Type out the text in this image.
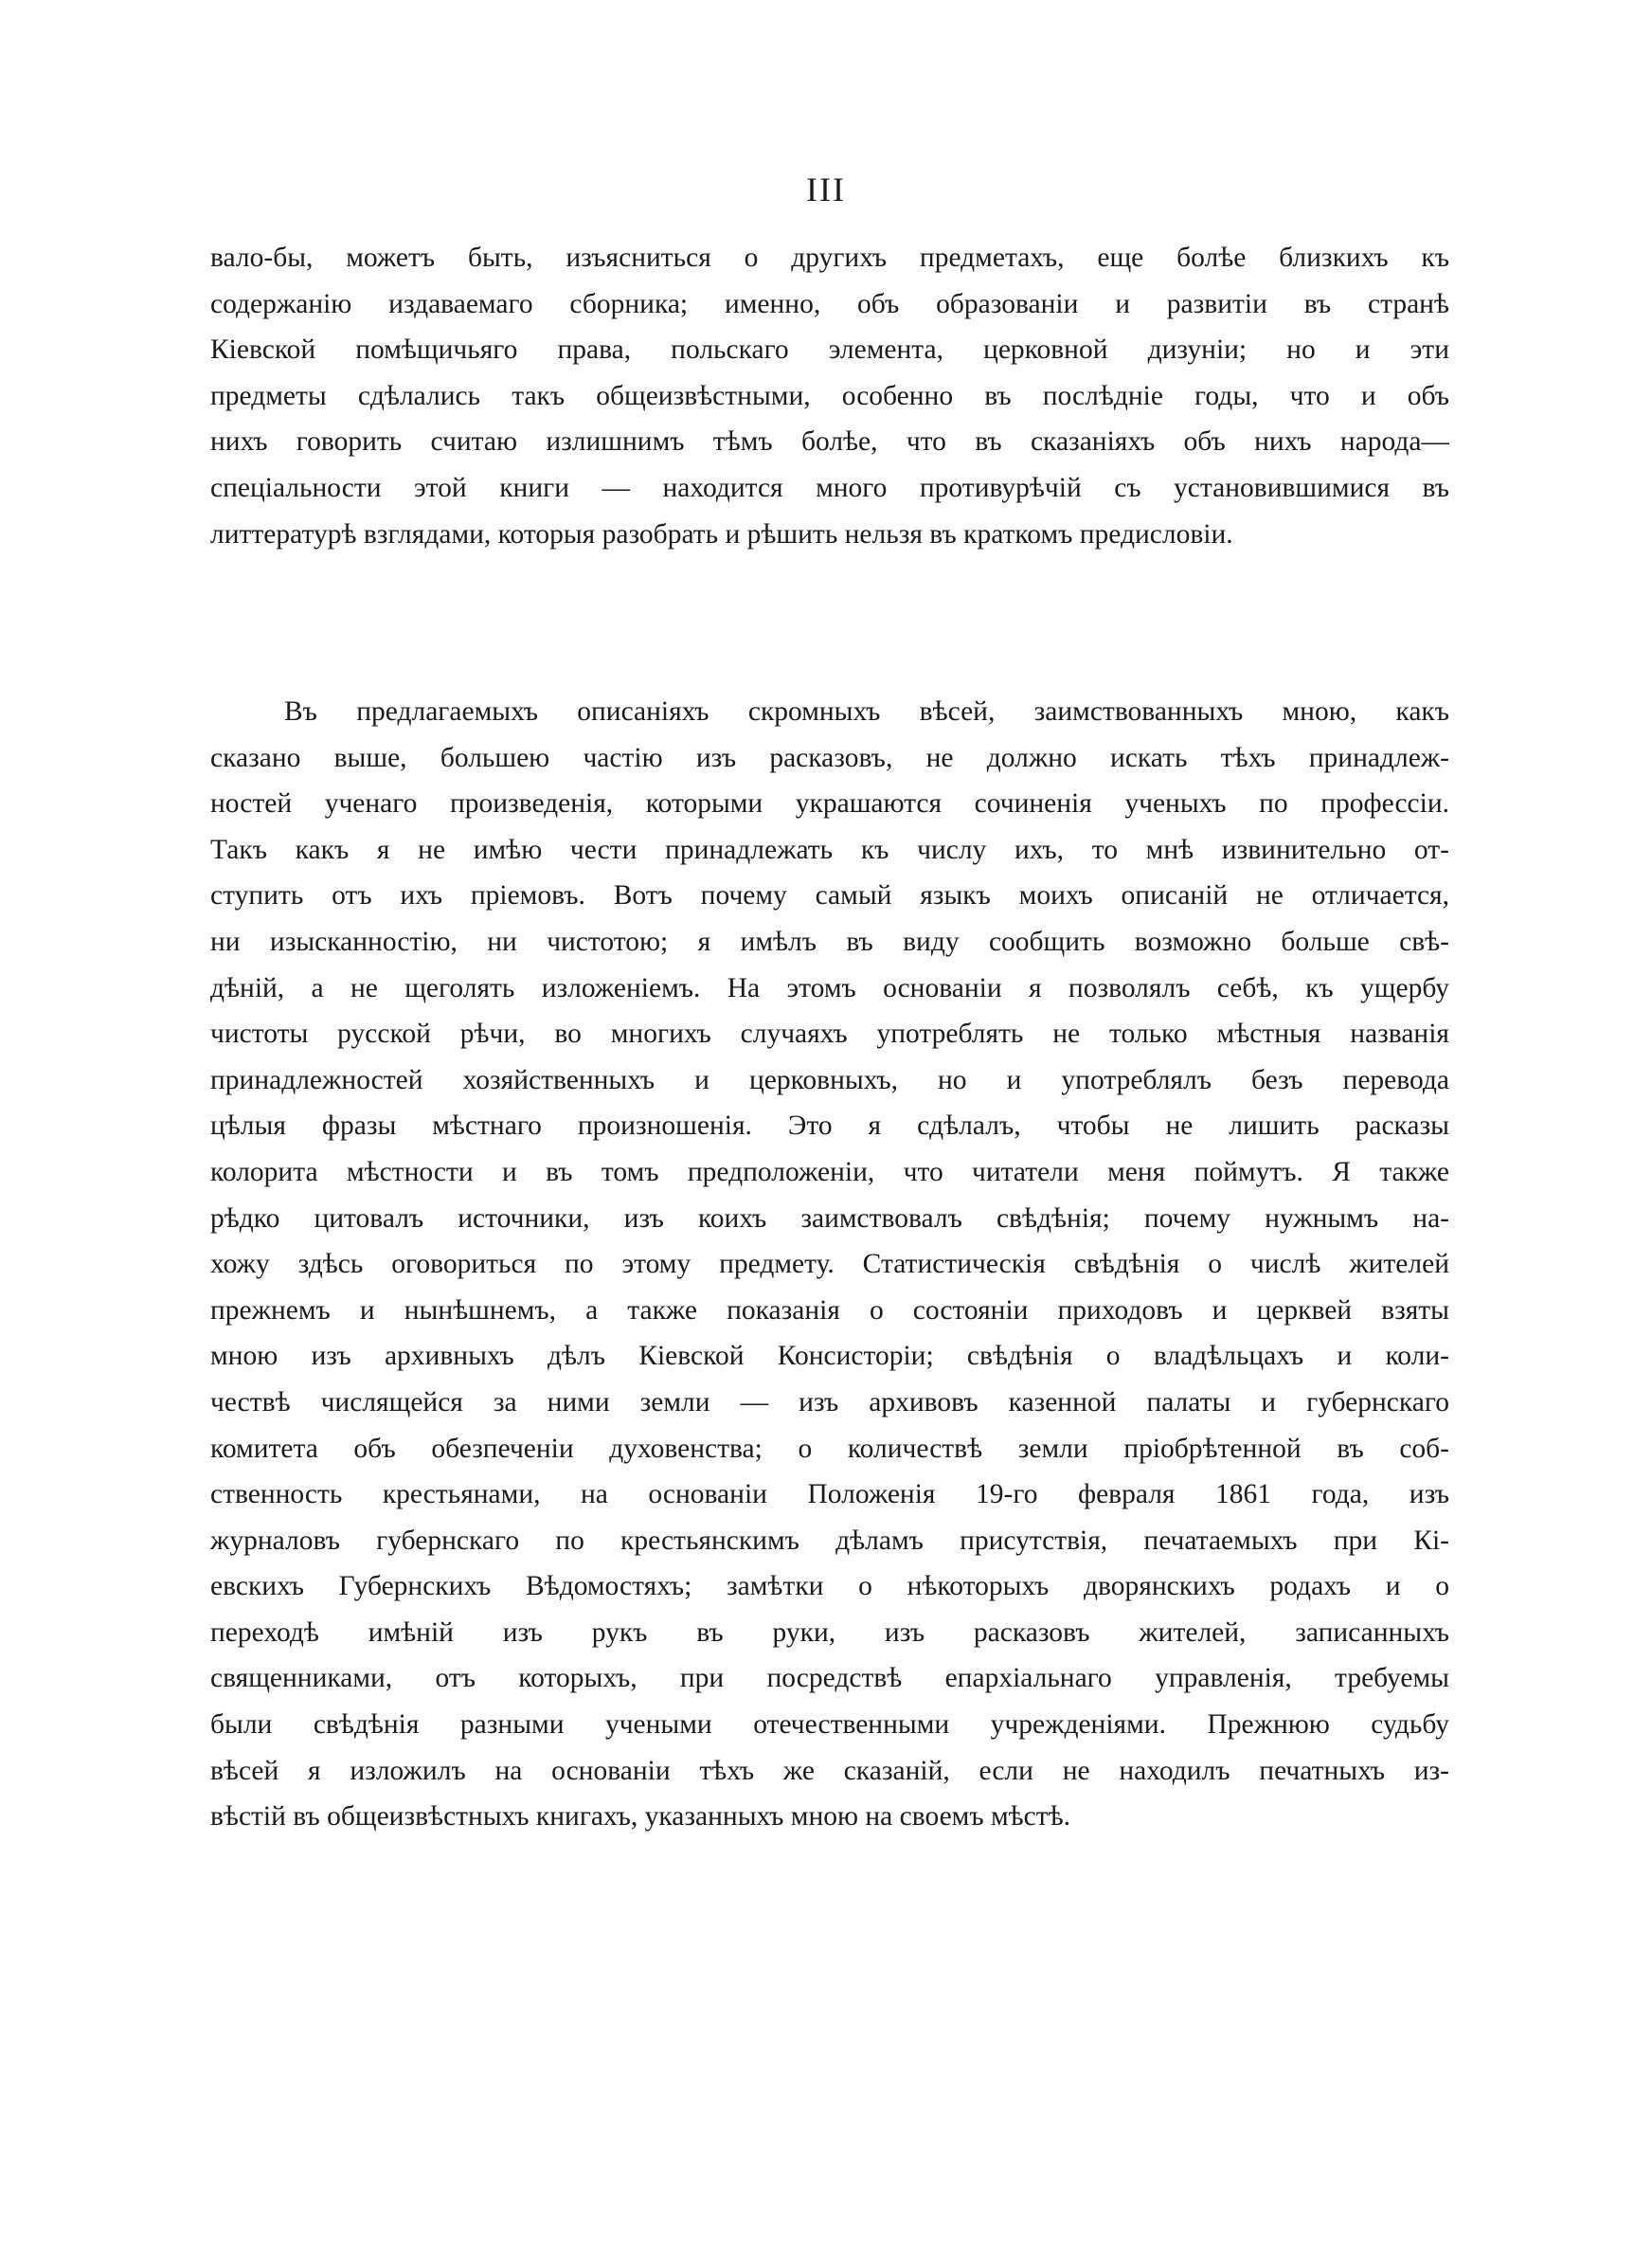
III
вало-бы, можетъ быть, изъясниться о другихъ предметахъ, еще болѣе близкихъ къ
содержанію издаваемаго сборника; именно, объ образованіи и развитіи въ странѣ
Кіевской помѣщичьяго права, польскаго элемента, церковной дизуніи; но и эти
предметы сдѣлались такъ общеизвѣстными, особенно въ послѣдніе годы, что и объ
нихъ говорить считаю излишнимъ тѣмъ болѣе, что въ сказаніяхъ объ нихъ народа—
спеціальности этой книги — находится много противурѣчій съ установившимися въ
литтературѣ взглядами, которыя разобрать и рѣшить нельзя въ краткомъ предисловіи.
Въ предлагаемыхъ описаніяхъ скромныхъ вѣсей, заимствованныхъ мною, какъ
сказано выше, большею частію изъ расказовъ, не должно искать тѣхъ принадлеж-
ностей ученаго произведенія, которыми украшаются сочиненія ученыхъ по профессіи.
Такъ какъ я не имѣю чести принадлежать къ числу ихъ, то мнѣ извинительно от-
ступить отъ ихъ пріемовъ. Вотъ почему самый языкъ моихъ описаній не отличается,
ни изысканностію, ни чистотою; я имѣлъ въ виду сообщить возможно больше свѣ-
дѣній, а не щеголять изложеніемъ. На этомъ основаніи я позволялъ себѣ, къ ущербу
чистоты русской рѣчи, во многихъ случаяхъ употреблять не только мѣстныя названія
принадлежностей хозяйственныхъ и церковныхъ, но и употреблялъ безъ перевода
цѣлыя фразы мѣстнаго произношенія. Это я сдѣлалъ, чтобы не лишить расказы
колорита мѣстности и въ томъ предположеніи, что читатели меня поймутъ. Я также
рѣдко цитовалъ источники, изъ коихъ заимствовалъ свѣдѣнія; почему нужнымъ на-
хожу здѣсь оговориться по этому предмету. Статистическія свѣдѣнія о числѣ жителей
прежнемъ и нынѣшнемъ, а также показанія о состояніи приходовъ и церквей взяты
мною изъ архивныхъ дѣлъ Кіевской Консисторіи; свѣдѣнія о владѣльцахъ и коли-
чествѣ числящейся за ними земли — изъ архивовъ казенной палаты и губернскаго
комитета объ обезпеченіи духовенства; о количествѣ земли пріобрѣтенной въ соб-
ственность крестьянами, на основаніи Положенія 19-го февраля 1861 года, изъ
журналовъ губернскаго по крестьянскимъ дѣламъ присутствія, печатаемыхъ при Кі-
евскихъ Губернскихъ Вѣдомостяхъ; замѣтки о нѣкоторыхъ дворянскихъ родахъ и о
переходѣ имѣній изъ рукъ въ руки, изъ расказовъ жителей, записанныхъ
священниками, отъ которыхъ, при посредствѣ епархіальнаго управленія, требуемы
были свѣдѣнія разными учеными отечественными учрежденіями. Прежнюю судьбу
вѣсей я изложилъ на основаніи тѣхъ же сказаній, если не находилъ печатныхъ из-
вѣстій въ общеизвѣстныхъ книгахъ, указанныхъ мною на своемъ мѣстѣ.
